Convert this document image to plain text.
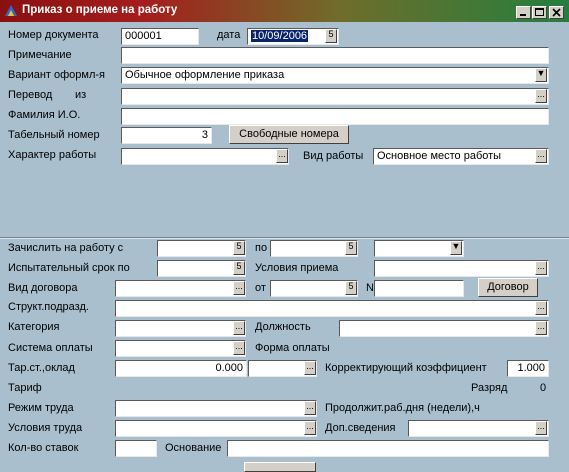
Приказ о приеме на работу
Номер документа	000001	дата	10/09/2006	5
Примечание
Вариант оформл-я	Обычное оформление приказа	▼
Перевод из	...
Фамилия И.О.
Табельный номер	3	Свободные номера
Характер работы	... Вид работы	Основное место работы	...
Зачислить на работу с	5	по	5	▼
Испытательный срок по	5	Условия приема	...
Вид договора	... от	5	N	Договор
Структ.подразд.	...
Категория	... Должность	...
Система оплаты	... Форма оплаты
Тар.ст.,оклад	0.000	... Корректирующий коэффициент	1.000
Тариф	Разряд	0
Режим труда	... Продолжит.раб.дня (недели),ч
Условия труда	... Доп.сведения	...
Кол-во ставок	Основание
